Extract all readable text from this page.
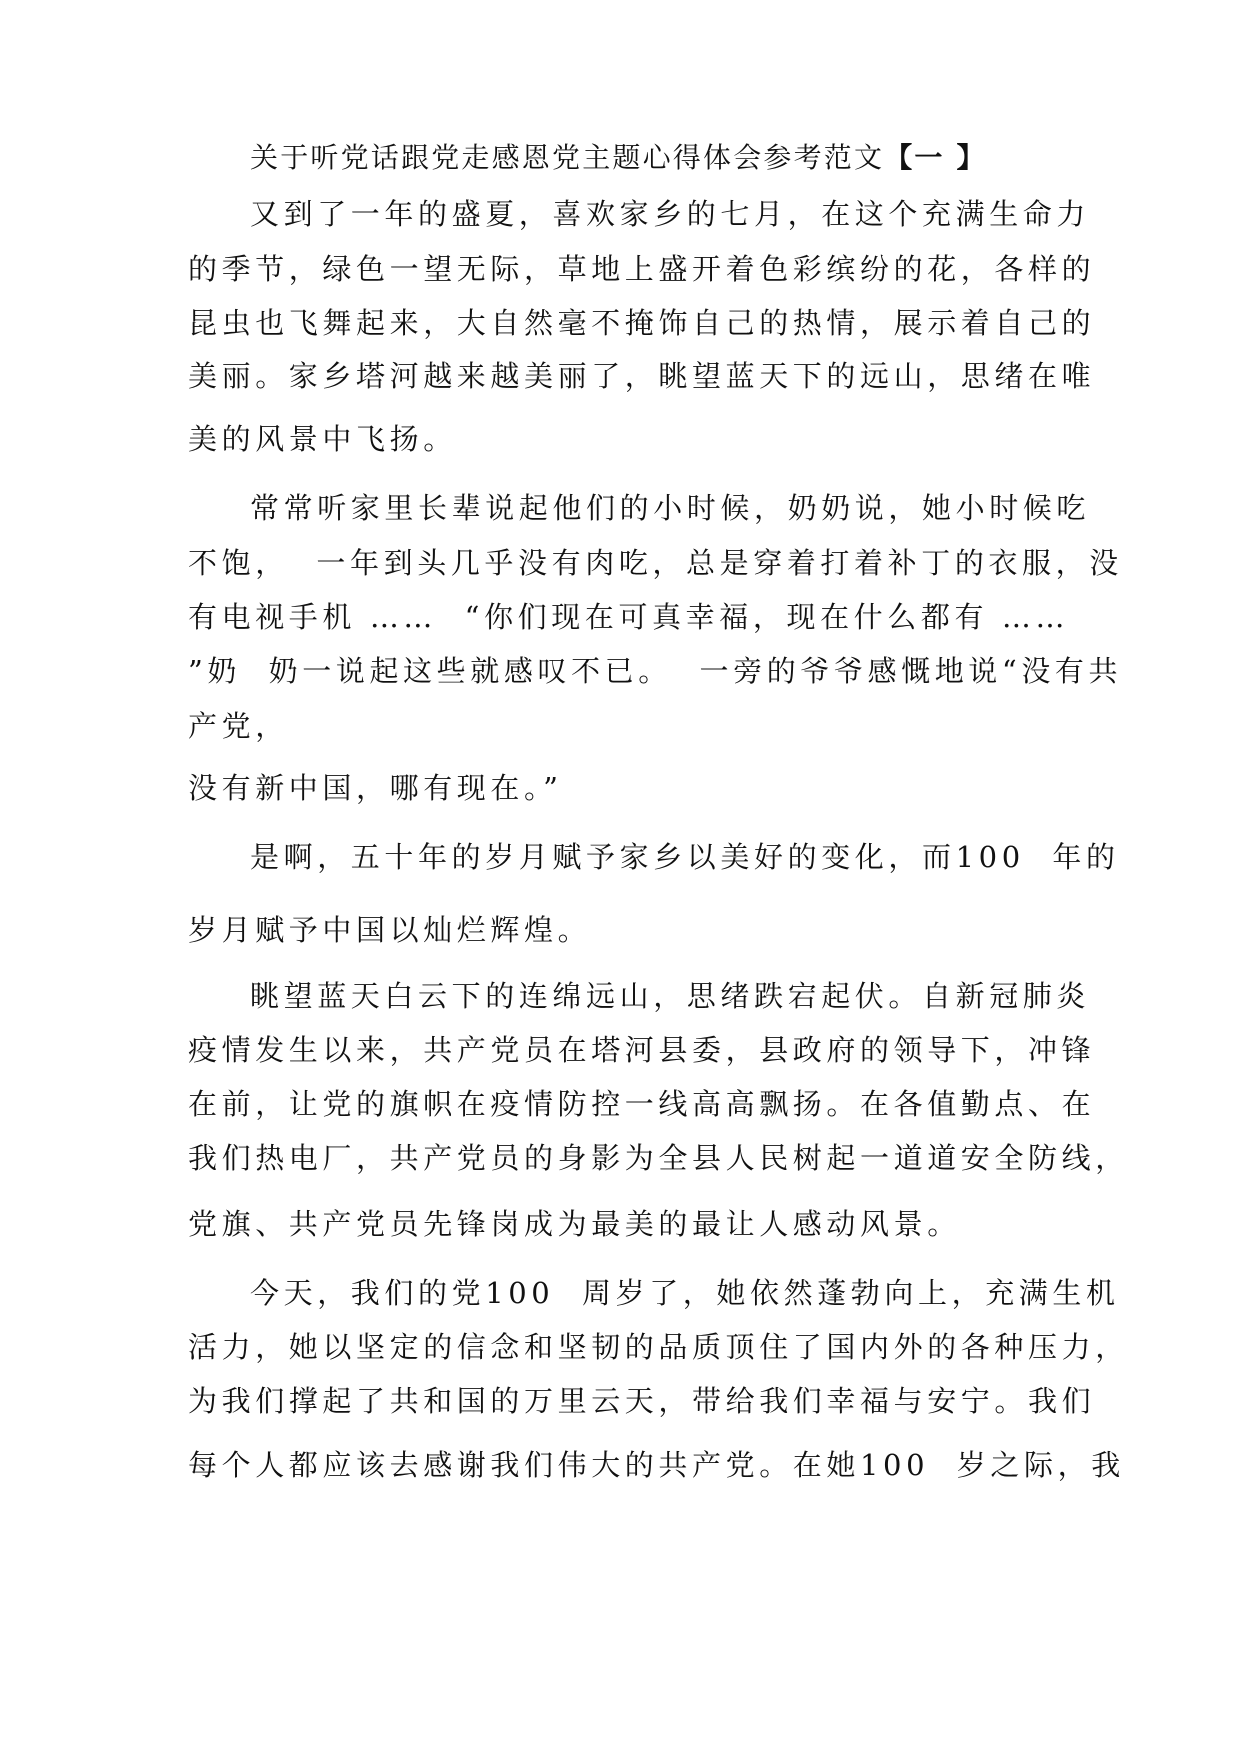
关于听党话跟党走感恩党主题心得体会参考范文【一 】

又到了一年的盛夏，喜欢家乡的七月，在这个充满生命力

的季节，绿色一望无际，草地上盛开着色彩缤纷的花，各样的

昆虫也飞舞起来，大自然毫不掩饰自己的热情，展示着自己的

美丽。家乡塔河越来越美丽了，眺望蓝天下的远山，思绪在唯

美的风景中飞扬。

常常听家里长辈说起他们的小时候，奶奶说，她小时候吃

不饱，  一年到头几乎没有肉吃，总是穿着打着补丁的衣服，没

有电视手机 ……  “你们现在可真幸福，现在什么都有 ……

”奶  奶一说起这些就感叹不已。  一旁的爷爷感慨地说“没有共

产党，

没有新中国，哪有现在。”

是啊，五十年的岁月赋予家乡以美好的变化，而100  年的

岁月赋予中国以灿烂辉煌。

眺望蓝天白云下的连绵远山，思绪跌宕起伏。自新冠肺炎

疫情发生以来，共产党员在塔河县委，县政府的领导下，冲锋

在前，让党的旗帜在疫情防控一线高高飘扬。在各值勤点、在

我们热电厂，共产党员的身影为全县人民树起一道道安全防线，

党旗、共产党员先锋岗成为最美的最让人感动风景。

今天，我们的党100  周岁了，她依然蓬勃向上，充满生机

活力，她以坚定的信念和坚韧的品质顶住了国内外的各种压力，

为我们撑起了共和国的万里云天，带给我们幸福与安宁。我们

每个人都应该去感谢我们伟大的共产党。在她100  岁之际，我
